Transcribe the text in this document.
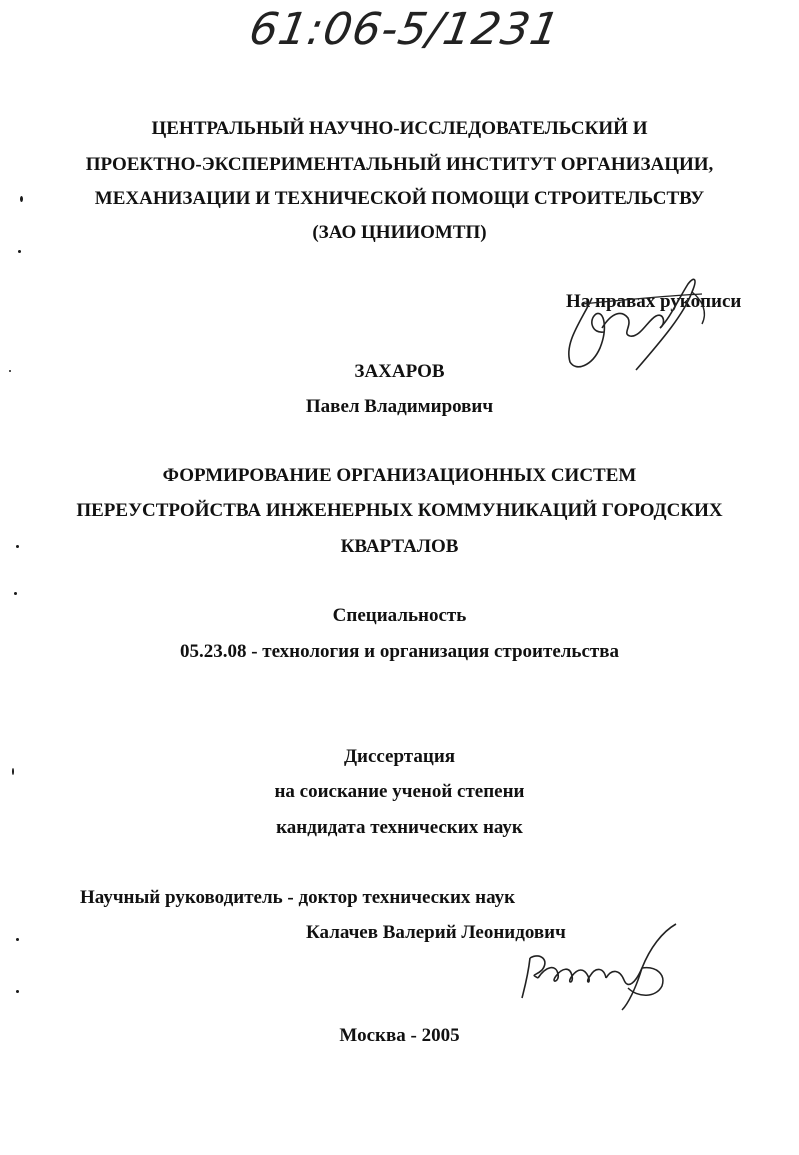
61:06-5/1231
ЦЕНТРАЛЬНЫЙ НАУЧНО-ИССЛЕДОВАТЕЛЬСКИЙ И
ПРОЕКТНО-ЭКСПЕРИМЕНТАЛЬНЫЙ ИНСТИТУТ ОРГАНИЗАЦИИ,
МЕХАНИЗАЦИИ И ТЕХНИЧЕСКОЙ ПОМОЩИ СТРОИТЕЛЬСТВУ
(ЗАО ЦНИИОМТП)
На правах рукописи
ЗАХАРОВ
Павел Владимирович
ФОРМИРОВАНИЕ ОРГАНИЗАЦИОННЫХ СИСТЕМ
ПЕРЕУСТРОЙСТВА ИНЖЕНЕРНЫХ КОММУНИКАЦИЙ ГОРОДСКИХ
КВАРТАЛОВ
Специальность
05.23.08 - технология и организация строительства
Диссертация
на соискание ученой степени
кандидата технических наук
Научный руководитель - доктор технических наук
Калачев Валерий Леонидович
Москва - 2005
